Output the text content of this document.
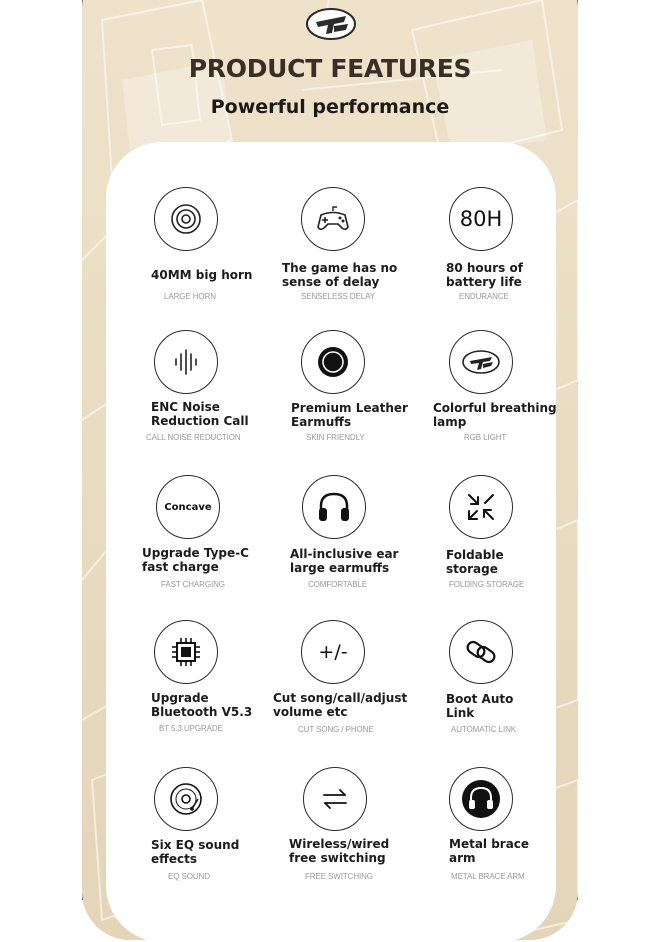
PRODUCT FEATURES
Powerful performance
40MM big horn
LARGE HORN
The game has no
sense of delay
SENSELESS DELAY
80H
80 hours of
battery life
ENDURANCE
ENC Noise
Reduction Call
CALL NOISE REDUCTION
Premium Leather
Earmuffs
SKIN FRIENDLY
Colorful breathing
lamp
RGB LIGHT
Concave
Upgrade Type-C
fast charge
FAST CHARGING
All-inclusive ear
large earmuffs
COMFORTABLE
Foldable
storage
FOLDING STORAGE
Upgrade
Bluetooth V5.3
BT 5.3 UPGRADE
+/-
Cut song/call/adjust
volume etc
CUT SONG / PHONE
Boot Auto
Link
AUTOMATIC LINK
Six EQ sound
effects
EQ SOUND
Wireless/wired
free switching
FREE SWITCHING
Metal brace
arm
METAL BRACE ARM
